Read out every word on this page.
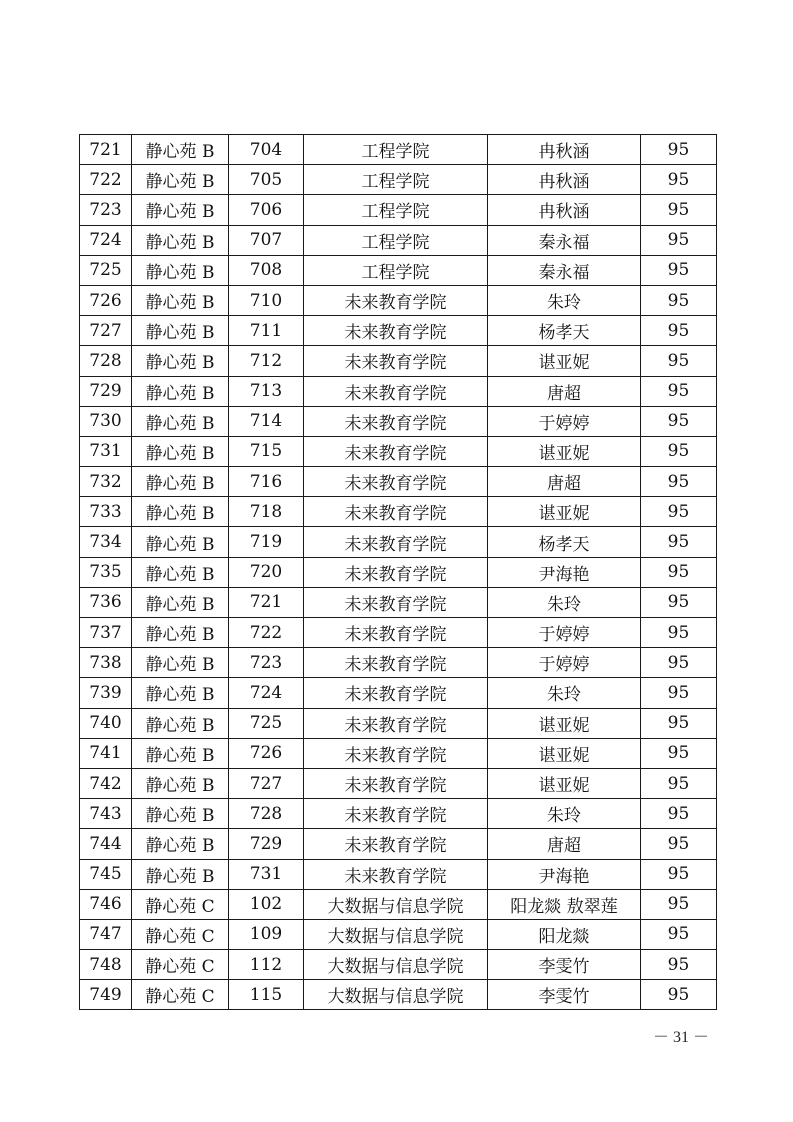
721	静心苑 B	704	工程学院	冉秋涵	95
722	静心苑 B	705	工程学院	冉秋涵	95
723	静心苑 B	706	工程学院	冉秋涵	95
724	静心苑 B	707	工程学院	秦永福	95
725	静心苑 B	708	工程学院	秦永福	95
726	静心苑 B	710	未来教育学院	朱玲	95
727	静心苑 B	711	未来教育学院	杨孝天	95
728	静心苑 B	712	未来教育学院	谌亚妮	95
729	静心苑 B	713	未来教育学院	唐超	95
730	静心苑 B	714	未来教育学院	于婷婷	95
731	静心苑 B	715	未来教育学院	谌亚妮	95
732	静心苑 B	716	未来教育学院	唐超	95
733	静心苑 B	718	未来教育学院	谌亚妮	95
734	静心苑 B	719	未来教育学院	杨孝天	95
735	静心苑 B	720	未来教育学院	尹海艳	95
736	静心苑 B	721	未来教育学院	朱玲	95
737	静心苑 B	722	未来教育学院	于婷婷	95
738	静心苑 B	723	未来教育学院	于婷婷	95
739	静心苑 B	724	未来教育学院	朱玲	95
740	静心苑 B	725	未来教育学院	谌亚妮	95
741	静心苑 B	726	未来教育学院	谌亚妮	95
742	静心苑 B	727	未来教育学院	谌亚妮	95
743	静心苑 B	728	未来教育学院	朱玲	95
744	静心苑 B	729	未来教育学院	唐超	95
745	静心苑 B	731	未来教育学院	尹海艳	95
746	静心苑 C	102	大数据与信息学院	阳龙燚 敖翠莲	95
747	静心苑 C	109	大数据与信息学院	阳龙燚	95
748	静心苑 C	112	大数据与信息学院	李雯竹	95
749	静心苑 C	115	大数据与信息学院	李雯竹	95
－ 31 －
